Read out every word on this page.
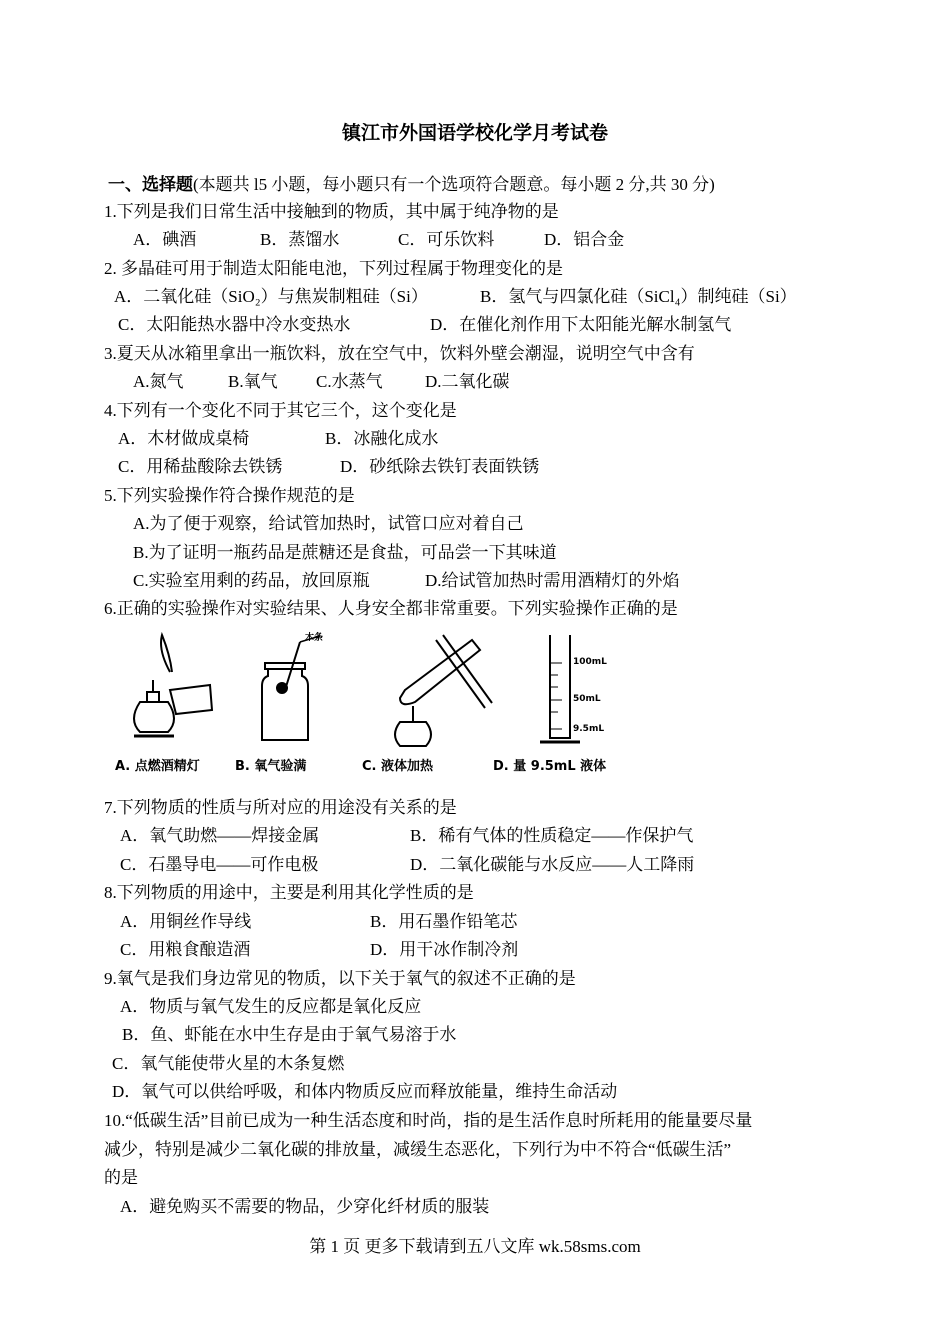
镇江市外国语学校化学月考试卷
一、选择题(本题共 l5 小题，每小题只有一个选项符合题意。每小题 2 分,共 30 分)
1.下列是我们日常生活中接触到的物质，其中属于纯净物的是
A．碘酒	B．蒸馏水	C．可乐饮料	D．铝合金
2. 多晶硅可用于制造太阳能电池，下列过程属于物理变化的是
A．二氧化硅（SiO₂）与焦炭制粗硅（Si）	B．氢气与四氯化硅（SiCl₄）制纯硅（Si）
C．太阳能热水器中冷水变热水	D．在催化剂作用下太阳能光解水制氢气
3.夏天从冰箱里拿出一瓶饮料，放在空气中，饮料外壁会潮湿，说明空气中含有
A.氮气	B.氧气 C.水蒸气 D.二氧化碳
4.下列有一个变化不同于其它三个，这个变化是
A．木材做成桌椅	B．冰融化成水
C．用稀盐酸除去铁锈	D．砂纸除去铁钉表面铁锈
5.下列实验操作符合操作规范的是
A.为了便于观察，给试管加热时，试管口应对着自己
B.为了证明一瓶药品是蔗糖还是食盐，可品尝一下其味道
C.实验室用剩的药品，放回原瓶	D.给试管加热时需用酒精灯的外焰
6.正确的实验操作对实验结果、人身安全都非常重要。下列实验操作正确的是
木条
100mL
50mL
9.5mL
A. 点燃酒精灯	B. 氧气验满	C. 液体加热	D. 量 9.5mL 液体
7.下列物质的性质与所对应的用途没有关系的是
A．氧气助燃——焊接金属	B．稀有气体的性质稳定——作保护气
C．石墨导电——可作电极	D．二氧化碳能与水反应——人工降雨
8.下列物质的用途中，主要是利用其化学性质的是
A．用铜丝作导线	B．用石墨作铅笔芯
C．用粮食酿造酒	D．用干冰作制冷剂
9.氧气是我们身边常见的物质，以下关于氧气的叙述不正确的是
A．物质与氧气发生的反应都是氧化反应
B．鱼、虾能在水中生存是由于氧气易溶于水
C．氧气能使带火星的木条复燃
D．氧气可以供给呼吸，和体内物质反应而释放能量，维持生命活动
10.“低碳生活”目前已成为一种生活态度和时尚，指的是生活作息时所耗用的能量要尽量
减少，特别是减少二氧化碳的排放量，减缓生态恶化，下列行为中不符合“低碳生活”
的是
A．避免购买不需要的物品，少穿化纤材质的服装
第 1 页 更多下载请到五八文库 wk.58sms.com
